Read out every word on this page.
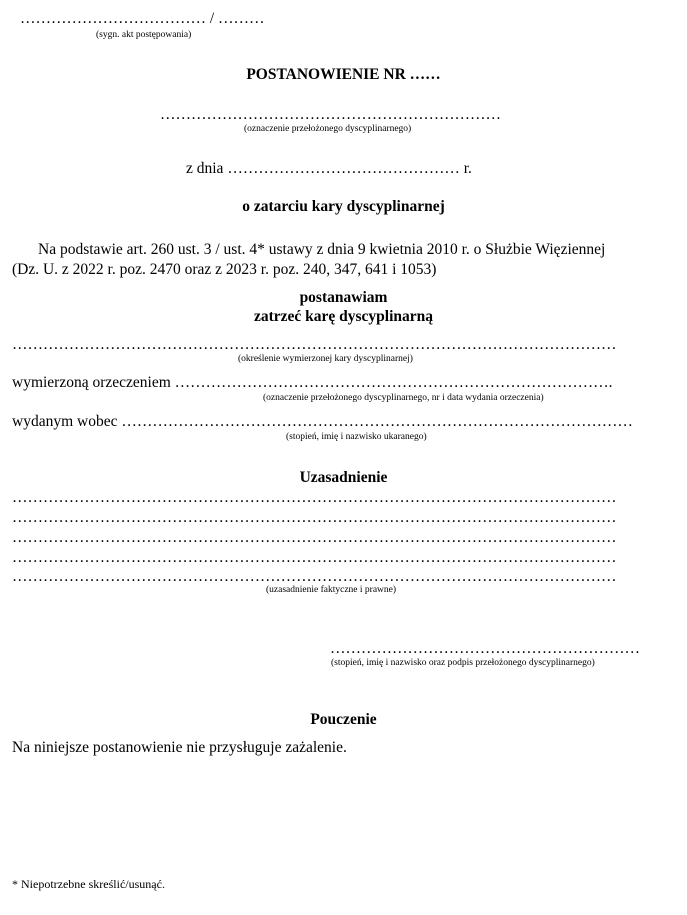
……………………………… / ………
(sygn. akt postępowania)
POSTANOWIENIE NR ……
…………………………………………………………
(oznaczenie przełożonego dyscyplinarnego)
z dnia ……………………………………… r.
o zatarciu kary dyscyplinarnej
Na podstawie art. 260 ust. 3 / ust. 4* ustawy z dnia 9 kwietnia 2010 r. o Służbie Więziennej
(Dz. U. z 2022 r. poz. 2470 oraz z 2023 r. poz. 240, 347, 641 i 1053)
postanawiam
zatrzeć karę dyscyplinarną
………………………………………………………………………………………………………
(określenie wymierzonej kary dyscyplinarnej)
wymierzoną orzeczeniem ………………………………………………………………………….
(oznaczenie przełożonego dyscyplinarnego, nr i data wydania orzeczenia)
wydanym wobec ………………………………………………………………………………………
(stopień, imię i nazwisko ukaranego)
Uzasadnienie
………………………………………………………………………………………………………
………………………………………………………………………………………………………
………………………………………………………………………………………………………
………………………………………………………………………………………………………
………………………………………………………………………………………………………
(uzasadnienie faktyczne i prawne)
……………………………………………………
(stopień, imię i nazwisko oraz podpis przełożonego dyscyplinarnego)
Pouczenie
Na niniejsze postanowienie nie przysługuje zażalenie.
* Niepotrzebne skreślić/usunąć.
